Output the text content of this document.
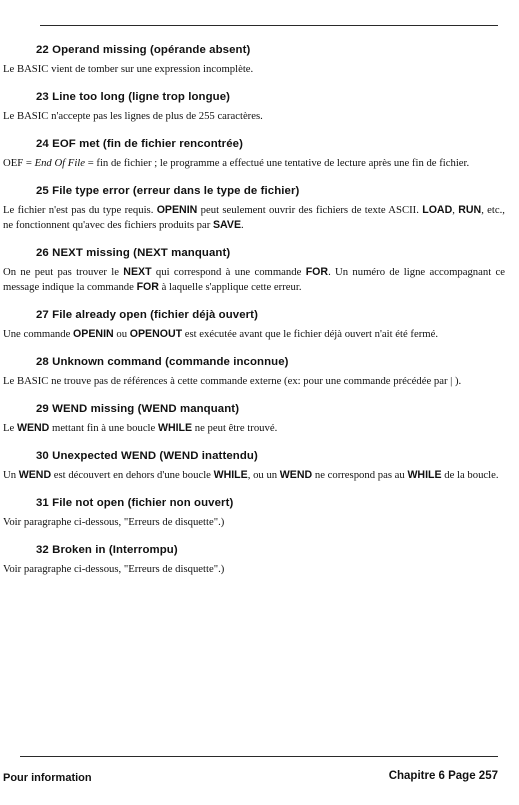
22 Operand missing (opérande absent)

Le BASIC vient de tomber sur une expression incomplète.

23 Line too long (ligne trop longue)

Le BASIC n'accepte pas les lignes de plus de 255 caractères.

24 EOF met (fin de fichier rencontrée)

OEF = End Of File = fin de fichier ; le programme a effectué une tentative de lecture après une fin de fichier.

25 File type error (erreur dans le type de fichier)

Le fichier n'est pas du type requis. OPENIN peut seulement ouvrir des fichiers de texte ASCII. LOAD, RUN, etc., ne fonctionnent qu'avec des fichiers produits par SAVE.

26 NEXT missing (NEXT manquant)

On ne peut pas trouver le NEXT qui correspond à une commande FOR. Un numéro de ligne accompagnant ce message indique la commande FOR à laquelle s'applique cette erreur.

27 File already open (fichier déjà ouvert)

Une commande OPENIN ou OPENOUT est exécutée avant que le fichier déjà ouvert n'ait été fermé.

28 Unknown command (commande inconnue)

Le BASIC ne trouve pas de références à cette commande externe (ex: pour une commande précédée par | ).

29 WEND missing (WEND manquant)

Le WEND mettant fin à une boucle WHILE ne peut être trouvé.

30 Unexpected WEND (WEND inattendu)

Un WEND est découvert en dehors d'une boucle WHILE, ou un WEND ne correspond pas au WHILE de la boucle.

31 File not open (fichier non ouvert)

Voir paragraphe ci-dessous, "Erreurs de disquette".)

32 Broken in (Interrompu)

Voir paragraphe ci-dessous, "Erreurs de disquette".)

Pour information	Chapitre 6 Page 257
